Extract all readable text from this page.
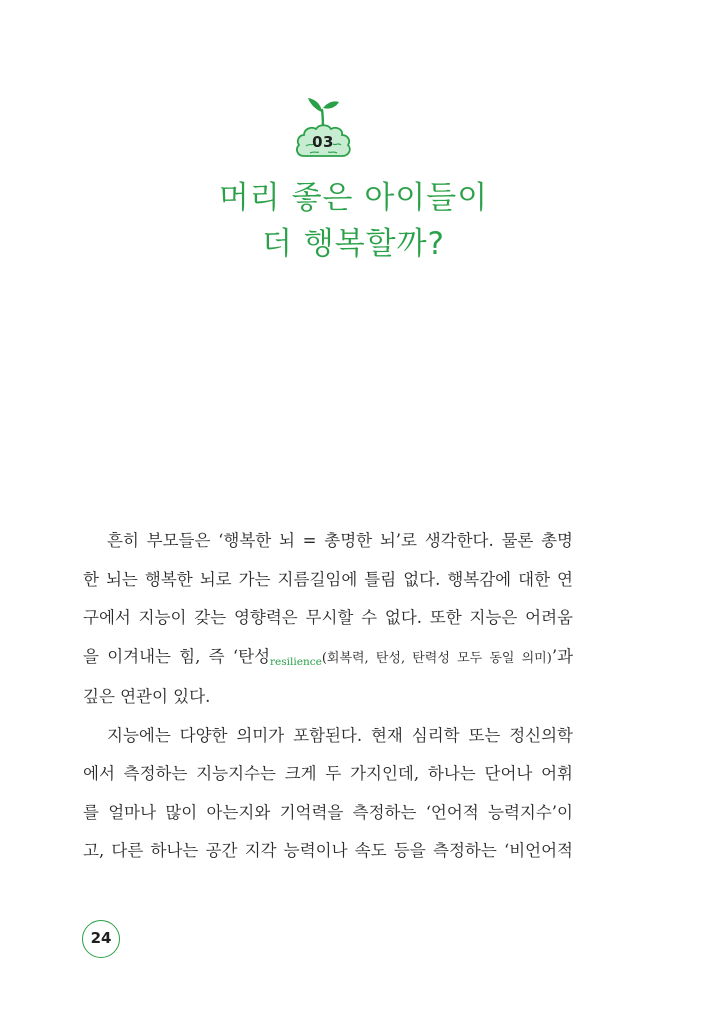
03
머리 좋은 아이들이
더 행복할까?
흔히 부모들은 ‘행복한 뇌 = 총명한 뇌’로 생각한다. 물론 총명
한 뇌는 행복한 뇌로 가는 지름길임에 틀림 없다. 행복감에 대한 연
구에서 지능이 갖는 영향력은 무시할 수 없다. 또한 지능은 어려움
을 이겨내는 힘, 즉 ‘탄성resilience(회복력, 탄성, 탄력성 모두 동일 의미)’과
깊은 연관이 있다.
지능에는 다양한 의미가 포함된다. 현재 심리학 또는 정신의학
에서 측정하는 지능지수는 크게 두 가지인데, 하나는 단어나 어휘
를 얼마나 많이 아는지와 기억력을 측정하는 ‘언어적 능력지수’이
고, 다른 하나는 공간 지각 능력이나 속도 등을 측정하는 ‘비언어적
24
